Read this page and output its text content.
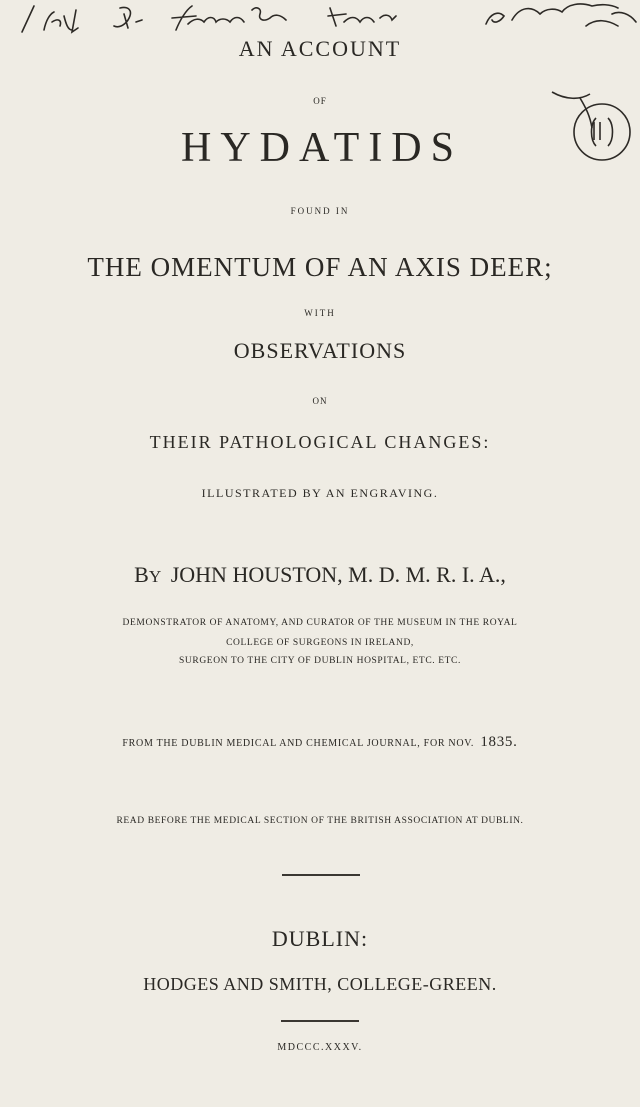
AN ACCOUNT
OF
HYDATIDS
FOUND IN
THE OMENTUM OF AN AXIS DEER;
WITH
OBSERVATIONS
ON
THEIR PATHOLOGICAL CHANGES:
ILLUSTRATED BY AN ENGRAVING.
BY JOHN HOUSTON, M. D. M. R. I. A.,
DEMONSTRATOR OF ANATOMY, AND CURATOR OF THE MUSEUM IN THE ROYAL
COLLEGE OF SURGEONS IN IRELAND,
SURGEON TO THE CITY OF DUBLIN HOSPITAL, ETC. ETC.
FROM THE DUBLIN MEDICAL AND CHEMICAL JOURNAL, FOR NOV. 1835.
READ BEFORE THE MEDICAL SECTION OF THE BRITISH ASSOCIATION AT DUBLIN.
DUBLIN:
HODGES AND SMITH, COLLEGE-GREEN.
MDCCC.XXXV.
